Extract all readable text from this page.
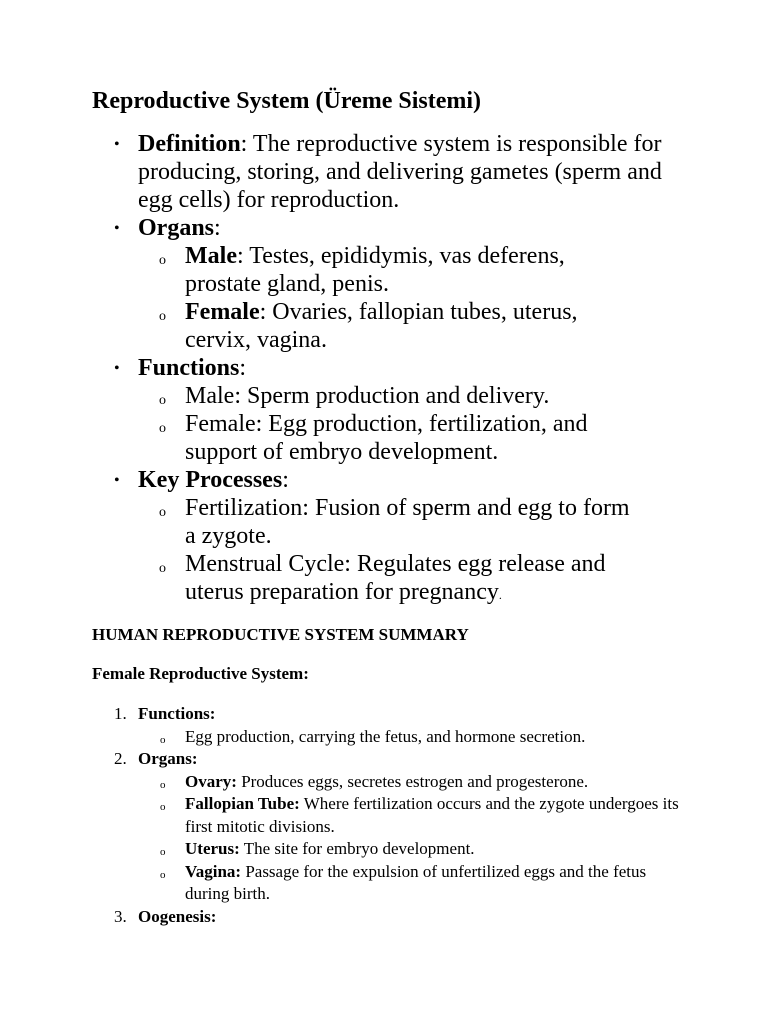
Reproductive System (Üreme Sistemi)
• Definition: The reproductive system is responsible for producing, storing, and delivering gametes (sperm and egg cells) for reproduction.
• Organs:
o Male: Testes, epididymis, vas deferens, prostate gland, penis.
o Female: Ovaries, fallopian tubes, uterus, cervix, vagina.
• Functions:
o Male: Sperm production and delivery.
o Female: Egg production, fertilization, and support of embryo development.
• Key Processes:
o Fertilization: Fusion of sperm and egg to form a zygote.
o Menstrual Cycle: Regulates egg release and uterus preparation for pregnancy.
HUMAN REPRODUCTIVE SYSTEM SUMMARY
Female Reproductive System:
1. Functions:
o Egg production, carrying the fetus, and hormone secretion.
2. Organs:
o Ovary: Produces eggs, secretes estrogen and progesterone.
o Fallopian Tube: Where fertilization occurs and the zygote undergoes its first mitotic divisions.
o Uterus: The site for embryo development.
o Vagina: Passage for the expulsion of unfertilized eggs and the fetus during birth.
3. Oogenesis:
